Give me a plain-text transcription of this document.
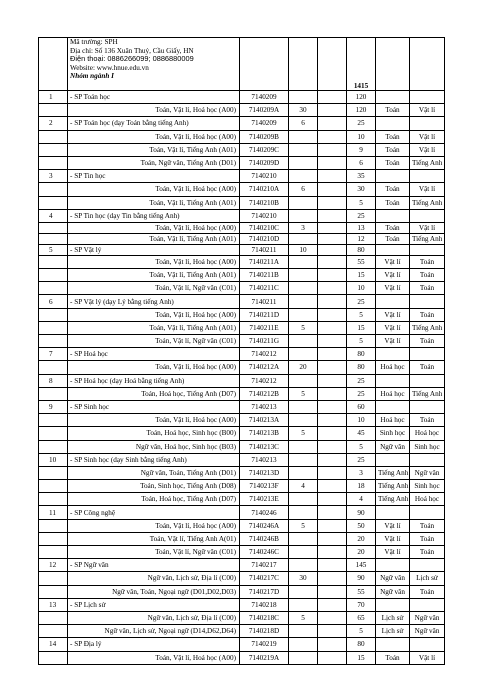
	Mã trường: SPH
Địa chỉ: Số 136 Xuân Thuỷ, Cầu Giấy, HN
Điện thoại: 0886266099; 0886880009
Website: www.hnue.edu.vn
Nhóm ngành I				1415		
1	- SP Toán học	7140209			120		
	Toán, Vật lí, Hoá học (A00)	7140209A	30		120	Toán	Vật lí
2	- SP Toán học (dạy Toán bằng tiếng Anh)	7140209	6		25		
	Toán, Vật lí, Hoá học (A00)	7140209B			10	Toán	Vật lí
	Toán, Vật lí, Tiếng Anh (A01)	7140209C			9	Toán	Vật lí
	Toán, Ngữ văn, Tiếng Anh (D01)	7140209D			6	Toán	Tiếng Anh
3	- SP Tin học	7140210			35		
	Toán, Vật lí, Hoá học (A00)	7140210A	6		30	Toán	Vật lí
	Toán, Vật lí, Tiếng Anh (A01)	7140210B			5	Toán	Tiếng Anh
4	- SP Tin học (dạy Tin bằng tiếng Anh)	7140210			25		
	Toán, Vật lí, Hoá học (A00)	7140210C	3		13	Toán	Vật lí
	Toán, Vật lí, Tiếng Anh (A01)	7140210D			12	Toán	Tiếng Anh
5	- SP Vật lý	7140211	10		80		
	Toán, Vật lí, Hoá học (A00)	7140211A			55	Vật lí	Toán
	Toán, Vật lí, Tiếng Anh (A01)	7140211B			15	Vật lí	Toán
	Toán, Vật lí, Ngữ văn (C01)	7140211C			10	Vật lí	Toán
6	- SP Vật lý (dạy Lý bằng tiếng Anh)	7140211			25		
	Toán, Vật lí, Hoá học (A00)	7140211D			5	Vật lí	Toán
	Toán, Vật lí, Tiếng Anh (A01)	7140211E	5		15	Vật lí	Tiếng Anh
	Toán, Vật lí, Ngữ văn (C01)	7140211G			5	Vật lí	Toán
7	- SP Hoá học	7140212			80		
	Toán, Vật lí, Hoá học (A00)	7140212A	20		80	Hoá học	Toán
8	- SP Hoá học (dạy Hoá bằng tiếng Anh)	7140212			25		
	Toán, Hoá học, Tiếng Anh (D07)	7140212B	5		25	Hoá học	Tiếng Anh
9	- SP Sinh học	7140213			60		
	Toán, Vật lí, Hoá học (A00)	7140213A			10	Hoá học	Toán
	Toán, Hoá học, Sinh học (B00)	7140213B	5		45	Sinh học	Hoá học
	Ngữ văn, Hoá học, Sinh học (B03)	7140213C			5	Ngữ văn	Sinh học
10	- SP Sinh học (dạy Sinh bằng tiếng Anh)	7140213			25		
	Ngữ văn, Toán, Tiếng Anh (D01)	7140213D			3	Tiếng Anh	Ngữ văn
	Toán, Sinh học, Tiếng Anh (D08)	7140213F	4		18	Tiếng Anh	Sinh học
	Toán, Hoá học, Tiếng Anh (D07)	7140213E			4	Tiếng Anh	Hoá học
11	- SP Công nghệ	7140246			90		
	Toán, Vật lí, Hoá học (A00)	7140246A	5		50	Vật lí	Toán
	Toán, Vật lí, Tiếng Anh A(01)	7140246B			20	Vật lí	Toán
	Toán, Vật lí, Ngữ văn (C01)	7140246C			20	Vật lí	Toán
12	- SP Ngữ văn	7140217			145		
	Ngữ văn, Lịch sử, Địa lí (C00)	7140217C	30		90	Ngữ văn	Lịch sử
	Ngữ văn, Toán, Ngoại ngữ (D01,D02,D03)	7140217D			55	Ngữ văn	Toán
13	- SP Lịch sử	7140218			70		
	Ngữ văn, Lịch sử, Địa lí (C00)	7140218C	5		65	Lịch sử	Ngữ văn
	Ngữ văn, Lịch sử, Ngoại ngữ (D14,D62,D64)	7140218D			5	Lịch sử	Ngữ văn
14	- SP Địa lý	7140219			80		
	Toán, Vật lí, Hoá học (A00)	7140219A			15	Toán	Vật lí
